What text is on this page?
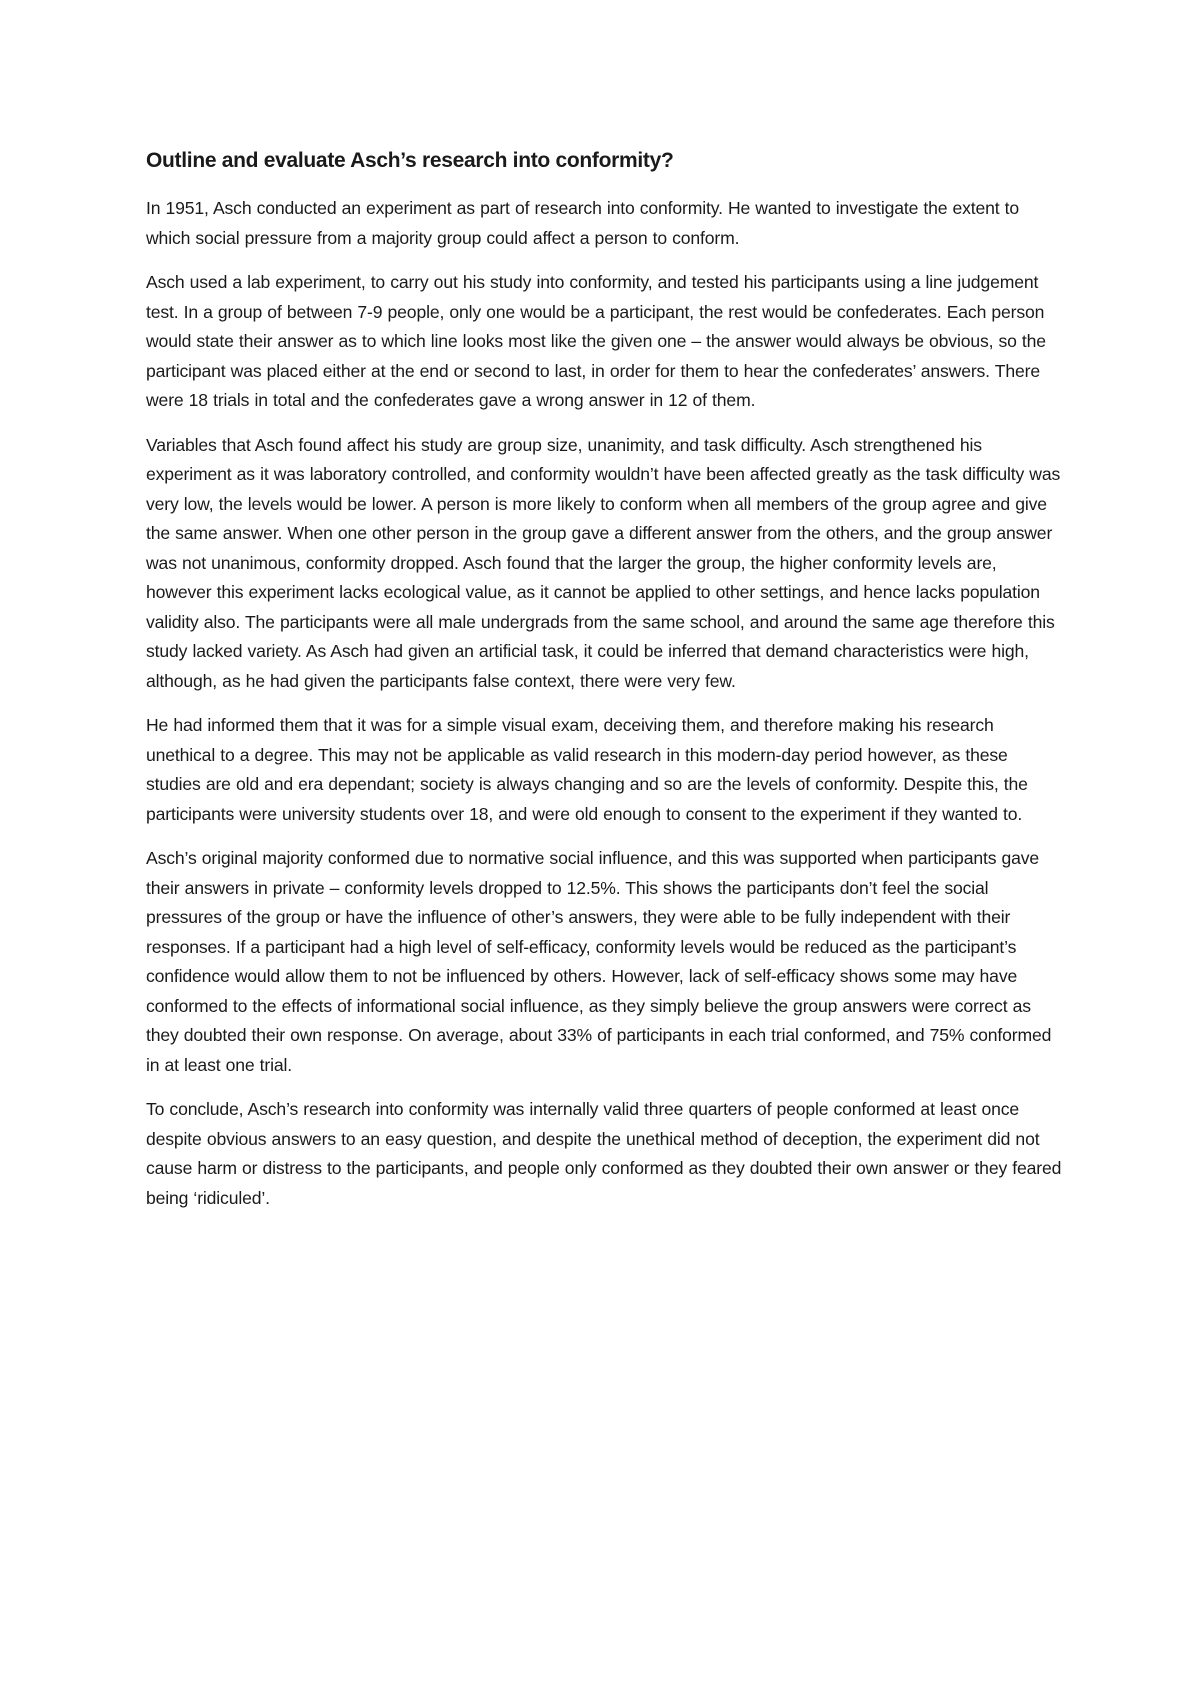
Outline and evaluate Asch’s research into conformity?

In 1951, Asch conducted an experiment as part of research into conformity. He wanted to investigate the extent to which social pressure from a majority group could affect a person to conform.

Asch used a lab experiment, to carry out his study into conformity, and tested his participants using a line judgement test. In a group of between 7-9 people, only one would be a participant, the rest would be confederates. Each person would state their answer as to which line looks most like the given one – the answer would always be obvious, so the participant was placed either at the end or second to last, in order for them to hear the confederates’ answers. There were 18 trials in total and the confederates gave a wrong answer in 12 of them.

Variables that Asch found affect his study are group size, unanimity, and task difficulty. Asch strengthened his experiment as it was laboratory controlled, and conformity wouldn’t have been affected greatly as the task difficulty was very low, the levels would be lower. A person is more likely to conform when all members of the group agree and give the same answer. When one other person in the group gave a different answer from the others, and the group answer was not unanimous, conformity dropped. Asch found that the larger the group, the higher conformity levels are, however this experiment lacks ecological value, as it cannot be applied to other settings, and hence lacks population validity also. The participants were all male undergrads from the same school, and around the same age therefore this study lacked variety. As Asch had given an artificial task, it could be inferred that demand characteristics were high, although, as he had given the participants false context, there were very few.

He had informed them that it was for a simple visual exam, deceiving them, and therefore making his research unethical to a degree. This may not be applicable as valid research in this modern-day period however, as these studies are old and era dependant; society is always changing and so are the levels of conformity. Despite this, the participants were university students over 18, and were old enough to consent to the experiment if they wanted to.

Asch’s original majority conformed due to normative social influence, and this was supported when participants gave their answers in private – conformity levels dropped to 12.5%. This shows the participants don’t feel the social pressures of the group or have the influence of other’s answers, they were able to be fully independent with their responses. If a participant had a high level of self-efficacy, conformity levels would be reduced as the participant’s confidence would allow them to not be influenced by others. However, lack of self-efficacy shows some may have conformed to the effects of informational social influence, as they simply believe the group answers were correct as they doubted their own response. On average, about 33% of participants in each trial conformed, and 75% conformed in at least one trial.

To conclude, Asch’s research into conformity was internally valid three quarters of people conformed at least once despite obvious answers to an easy question, and despite the unethical method of deception, the experiment did not cause harm or distress to the participants, and people only conformed as they doubted their own answer or they feared being ‘ridiculed’.
